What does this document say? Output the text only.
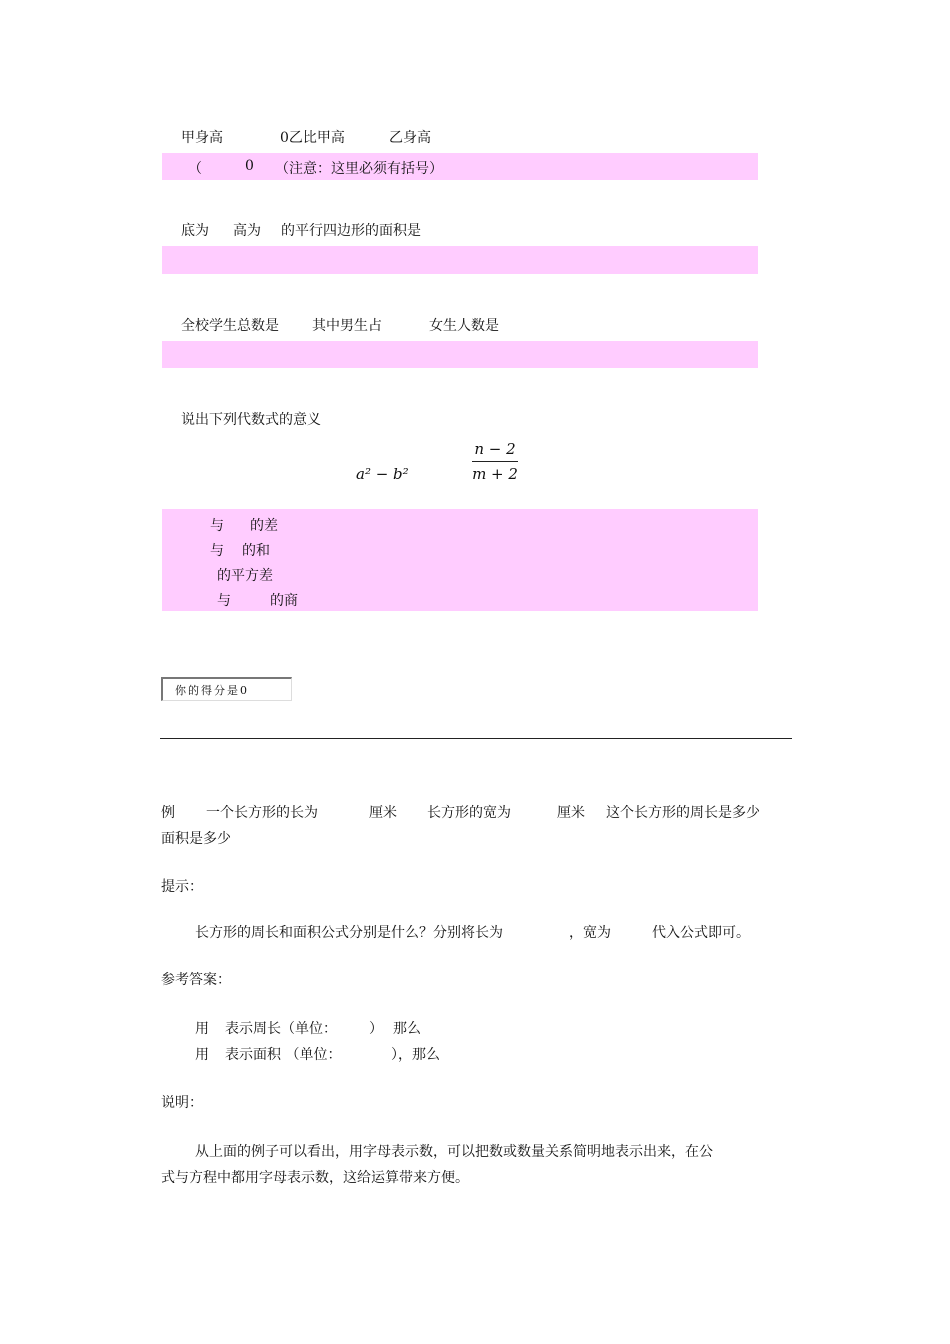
甲身高	0乙比甲高	乙身高
（	0 （注意：这里必须有括号）
底为 高为 的平行四边形的面积是
全校学生总数是 其中男生占	女生人数是
说出下列代数式的意义
a² − b²
n − 2
m + 2
与 的差
与 的和
的平方差
与	的商
你的得分是0
例 一个长方形的长为	厘米 长方形的宽为	厘米 这个长方形的周长是多少
面积是多少
提示：
长方形的周长和面积公式分别是什么？分别将长为	，宽为	代入公式即可。
参考答案：
用 表示周长（单位： ） 那么
用 表示面积 （单位：	），那么
说明：
从上面的例子可以看出，用字母表示数，可以把数或数量关系简明地表示出来，在公
式与方程中都用字母表示数，这给运算带来方便。
